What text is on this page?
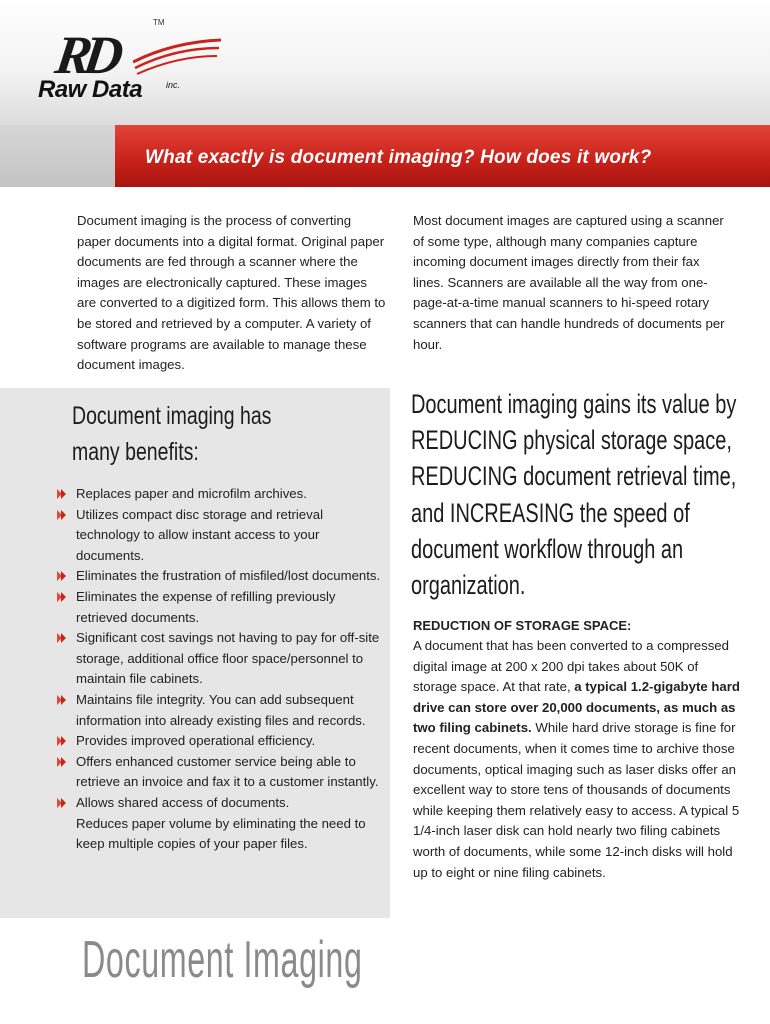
RD
TM
Raw Data	inc.
What exactly is document imaging? How does it work?
Document imaging is the process of converting paper documents into a digital format. Original paper documents are fed through a scanner where the images are electronically captured. These images are converted to a digitized form. This allows them to be stored and retrieved by a computer. A variety of software programs are available to manage these document images.
Most document images are captured using a scanner of some type, although many companies capture incoming document images directly from their fax lines. Scanners are available all the way from one-page-at-a-time manual scanners to hi-speed rotary scanners that can handle hundreds of documents per hour.
Document imaging has
many benefits:
Replaces paper and microfilm archives.
Utilizes compact disc storage and retrieval technology to allow instant access to your documents.
Eliminates the frustration of misfiled/lost documents.
Eliminates the expense of refilling previously retrieved documents.
Significant cost savings not having to pay for off-site storage, additional office floor space/personnel to maintain file cabinets.
Maintains file integrity. You can add subsequent information into already existing files and records.
Provides improved operational efficiency.
Offers enhanced customer service being able to retrieve an invoice and fax it to a customer instantly.
Allows shared access of documents.
Reduces paper volume by eliminating the need to keep multiple copies of your paper files.
Document imaging gains its value by REDUCING physical storage space, REDUCING document retrieval time, and INCREASING the speed of document workflow through an organization.
REDUCTION OF STORAGE SPACE:
A document that has been converted to a compressed digital image at 200 x 200 dpi takes about 50K of storage space. At that rate, a typical 1.2-gigabyte hard drive can store over 20,000 documents, as much as two filing cabinets. While hard drive storage is fine for recent documents, when it comes time to archive those documents, optical imaging such as laser disks offer an excellent way to store tens of thousands of documents while keeping them relatively easy to access. A typical 5 1/4-inch laser disk can hold nearly two filing cabinets worth of documents, while some 12-inch disks will hold up to eight or nine filing cabinets.
Document Imaging
